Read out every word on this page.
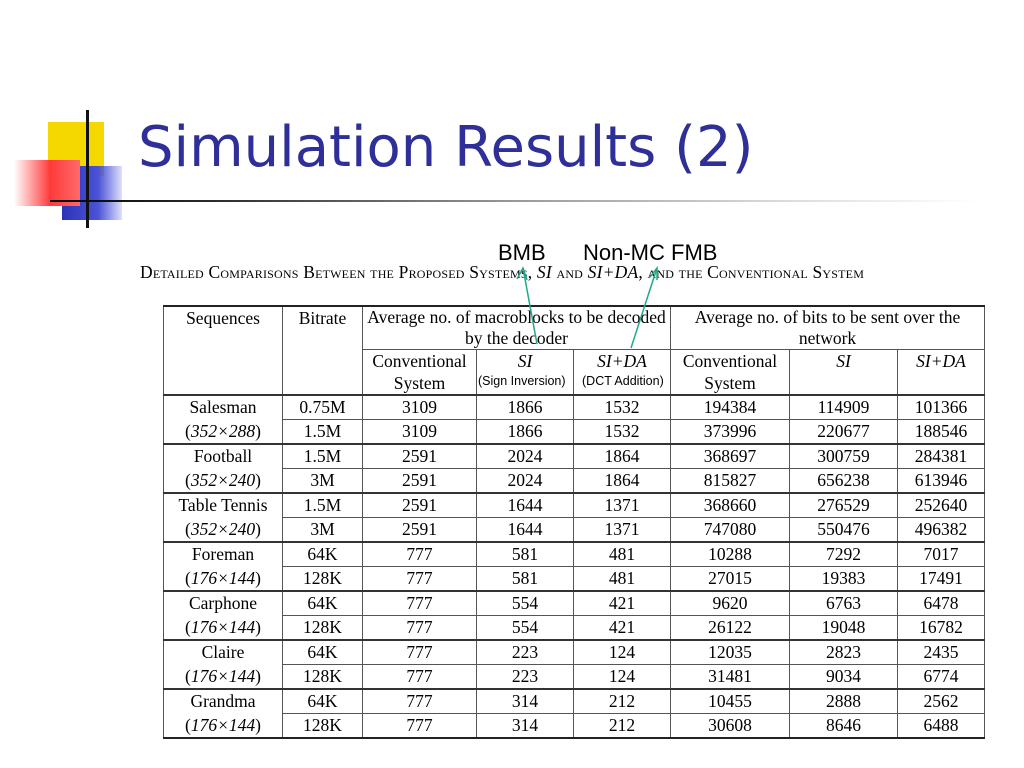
Simulation Results (2)
BMB Non-MC FMB
Detailed Comparisons Between the Proposed Systems, SI and SI+DA, and the Conventional System
Sequences	Bitrate	Average no. of macroblocks to be decoded by the decoder			Average no. of bits to be sent over the network		
		Conventional System	SI	SI+DA	Conventional System	SI	SI+DA
Salesman	0.75M	3109	1866	1532	194384	114909	101366
(352×288)	1.5M	3109	1866	1532	373996	220677	188546
Football	1.5M	2591	2024	1864	368697	300759	284381
(352×240)	3M	2591	2024	1864	815827	656238	613946
Table Tennis	1.5M	2591	1644	1371	368660	276529	252640
(352×240)	3M	2591	1644	1371	747080	550476	496382
Foreman	64K	777	581	481	10288	7292	7017
(176×144)	128K	777	581	481	27015	19383	17491
Carphone	64K	777	554	421	9620	6763	6478
(176×144)	128K	777	554	421	26122	19048	16782
Claire	64K	777	223	124	12035	2823	2435
(176×144)	128K	777	223	124	31481	9034	6774
Grandma	64K	777	314	212	10455	2888	2562
(176×144)	128K	777	314	212	30608	8646	6488
(Sign Inversion) (DCT Addition)
